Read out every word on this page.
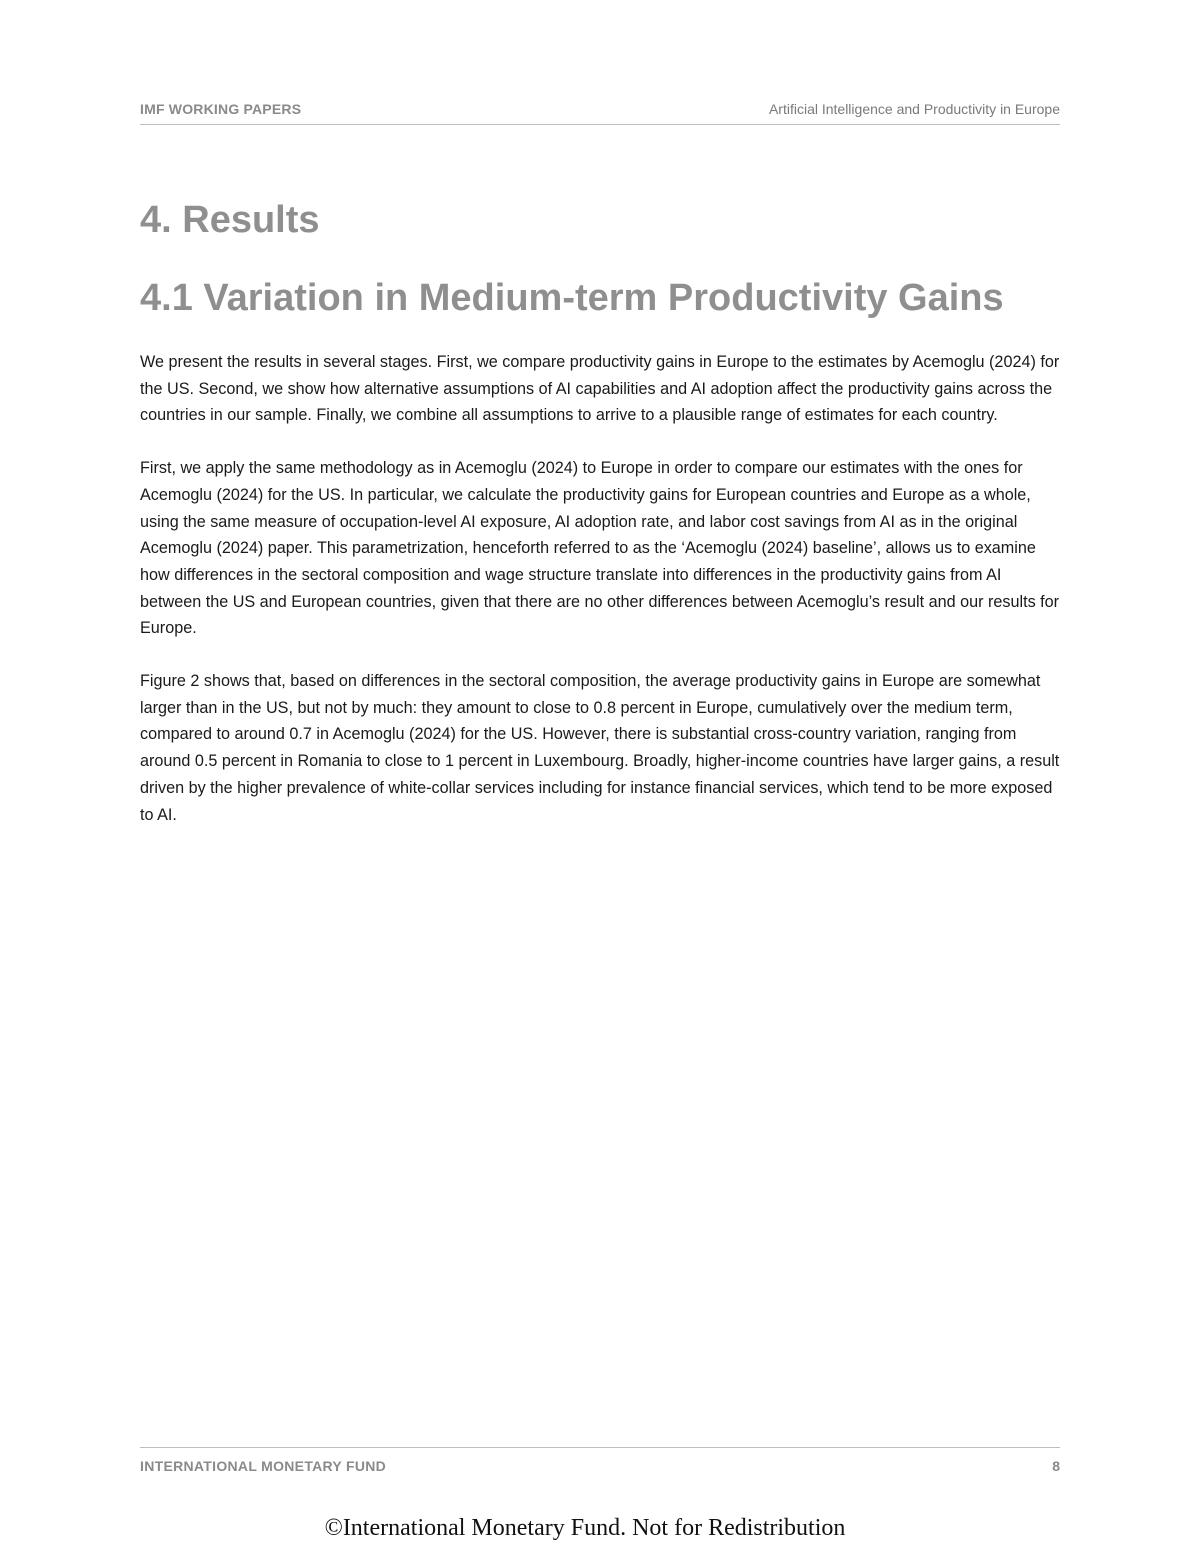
IMF WORKING PAPERS	Artificial Intelligence and Productivity in Europe
4. Results
4.1 Variation in Medium-term Productivity Gains

We present the results in several stages. First, we compare productivity gains in Europe to the estimates by Acemoglu (2024) for the US. Second, we show how alternative assumptions of AI capabilities and AI adoption affect the productivity gains across the countries in our sample. Finally, we combine all assumptions to arrive to a plausible range of estimates for each country.

First, we apply the same methodology as in Acemoglu (2024) to Europe in order to compare our estimates with the ones for Acemoglu (2024) for the US. In particular, we calculate the productivity gains for European countries and Europe as a whole, using the same measure of occupation-level AI exposure, AI adoption rate, and labor cost savings from AI as in the original Acemoglu (2024) paper. This parametrization, henceforth referred to as the ‘Acemoglu (2024) baseline’, allows us to examine how differences in the sectoral composition and wage structure translate into differences in the productivity gains from AI between the US and European countries, given that there are no other differences between Acemoglu’s result and our results for Europe.

Figure 2 shows that, based on differences in the sectoral composition, the average productivity gains in Europe are somewhat larger than in the US, but not by much: they amount to close to 0.8 percent in Europe, cumulatively over the medium term, compared to around 0.7 in Acemoglu (2024) for the US. However, there is substantial cross-country variation, ranging from around 0.5 percent in Romania to close to 1 percent in Luxembourg. Broadly, higher-income countries have larger gains, a result driven by the higher prevalence of white-collar services including for instance financial services, which tend to be more exposed to AI.

INTERNATIONAL MONETARY FUND	8
©International Monetary Fund. Not for Redistribution
